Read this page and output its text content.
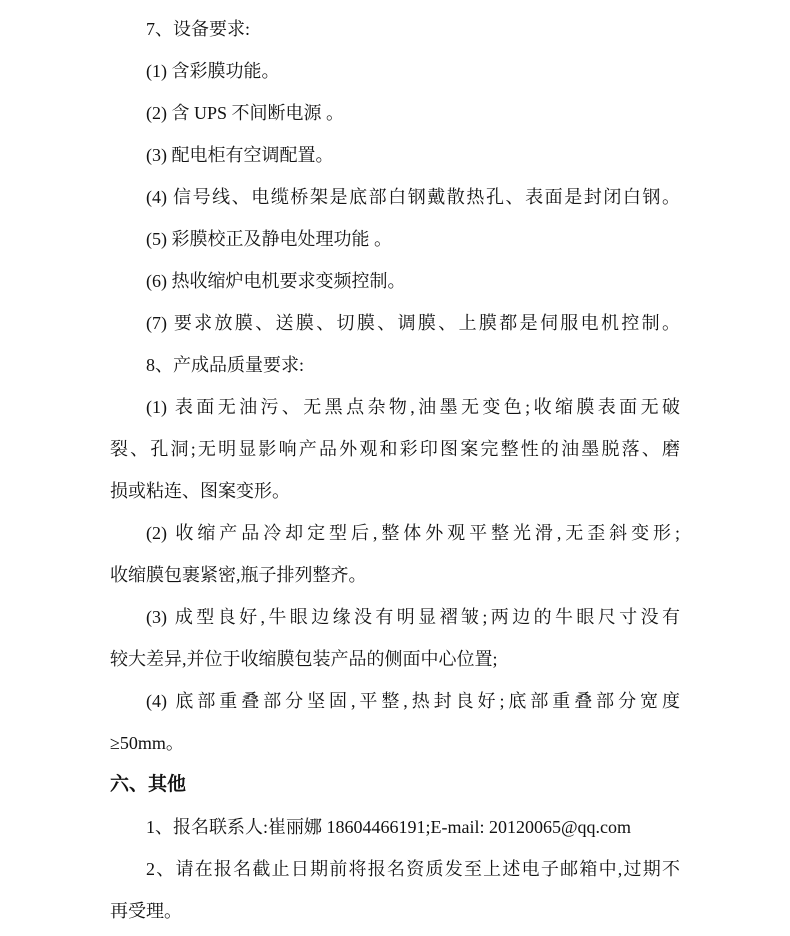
7、设备要求:

(1) 含彩膜功能。

(2) 含 UPS 不间断电源 。

(3) 配电柜有空调配置。

(4) 信号线、电缆桥架是底部白钢戴散热孔、表面是封闭白钢。

(5) 彩膜校正及静电处理功能 。

(6) 热收缩炉电机要求变频控制。

(7) 要求放膜、送膜、切膜、调膜、上膜都是伺服电机控制。

8、产成品质量要求:

(1) 表面无油污、无黑点杂物,油墨无变色;收缩膜表面无破

裂、孔洞;无明显影响产品外观和彩印图案完整性的油墨脱落、磨

损或粘连、图案变形。

(2) 收缩产品冷却定型后,整体外观平整光滑,无歪斜变形;

收缩膜包裹紧密,瓶子排列整齐。

(3) 成型良好,牛眼边缘没有明显褶皱;两边的牛眼尺寸没有

较大差异,并位于收缩膜包装产品的侧面中心位置;

(4) 底部重叠部分坚固,平整,热封良好;底部重叠部分宽度

≥50mm。

六、其他

1、报名联系人:崔丽娜 18604466191;E-mail: 20120065@qq.com

2、请在报名截止日期前将报名资质发至上述电子邮箱中,过期不

再受理。
